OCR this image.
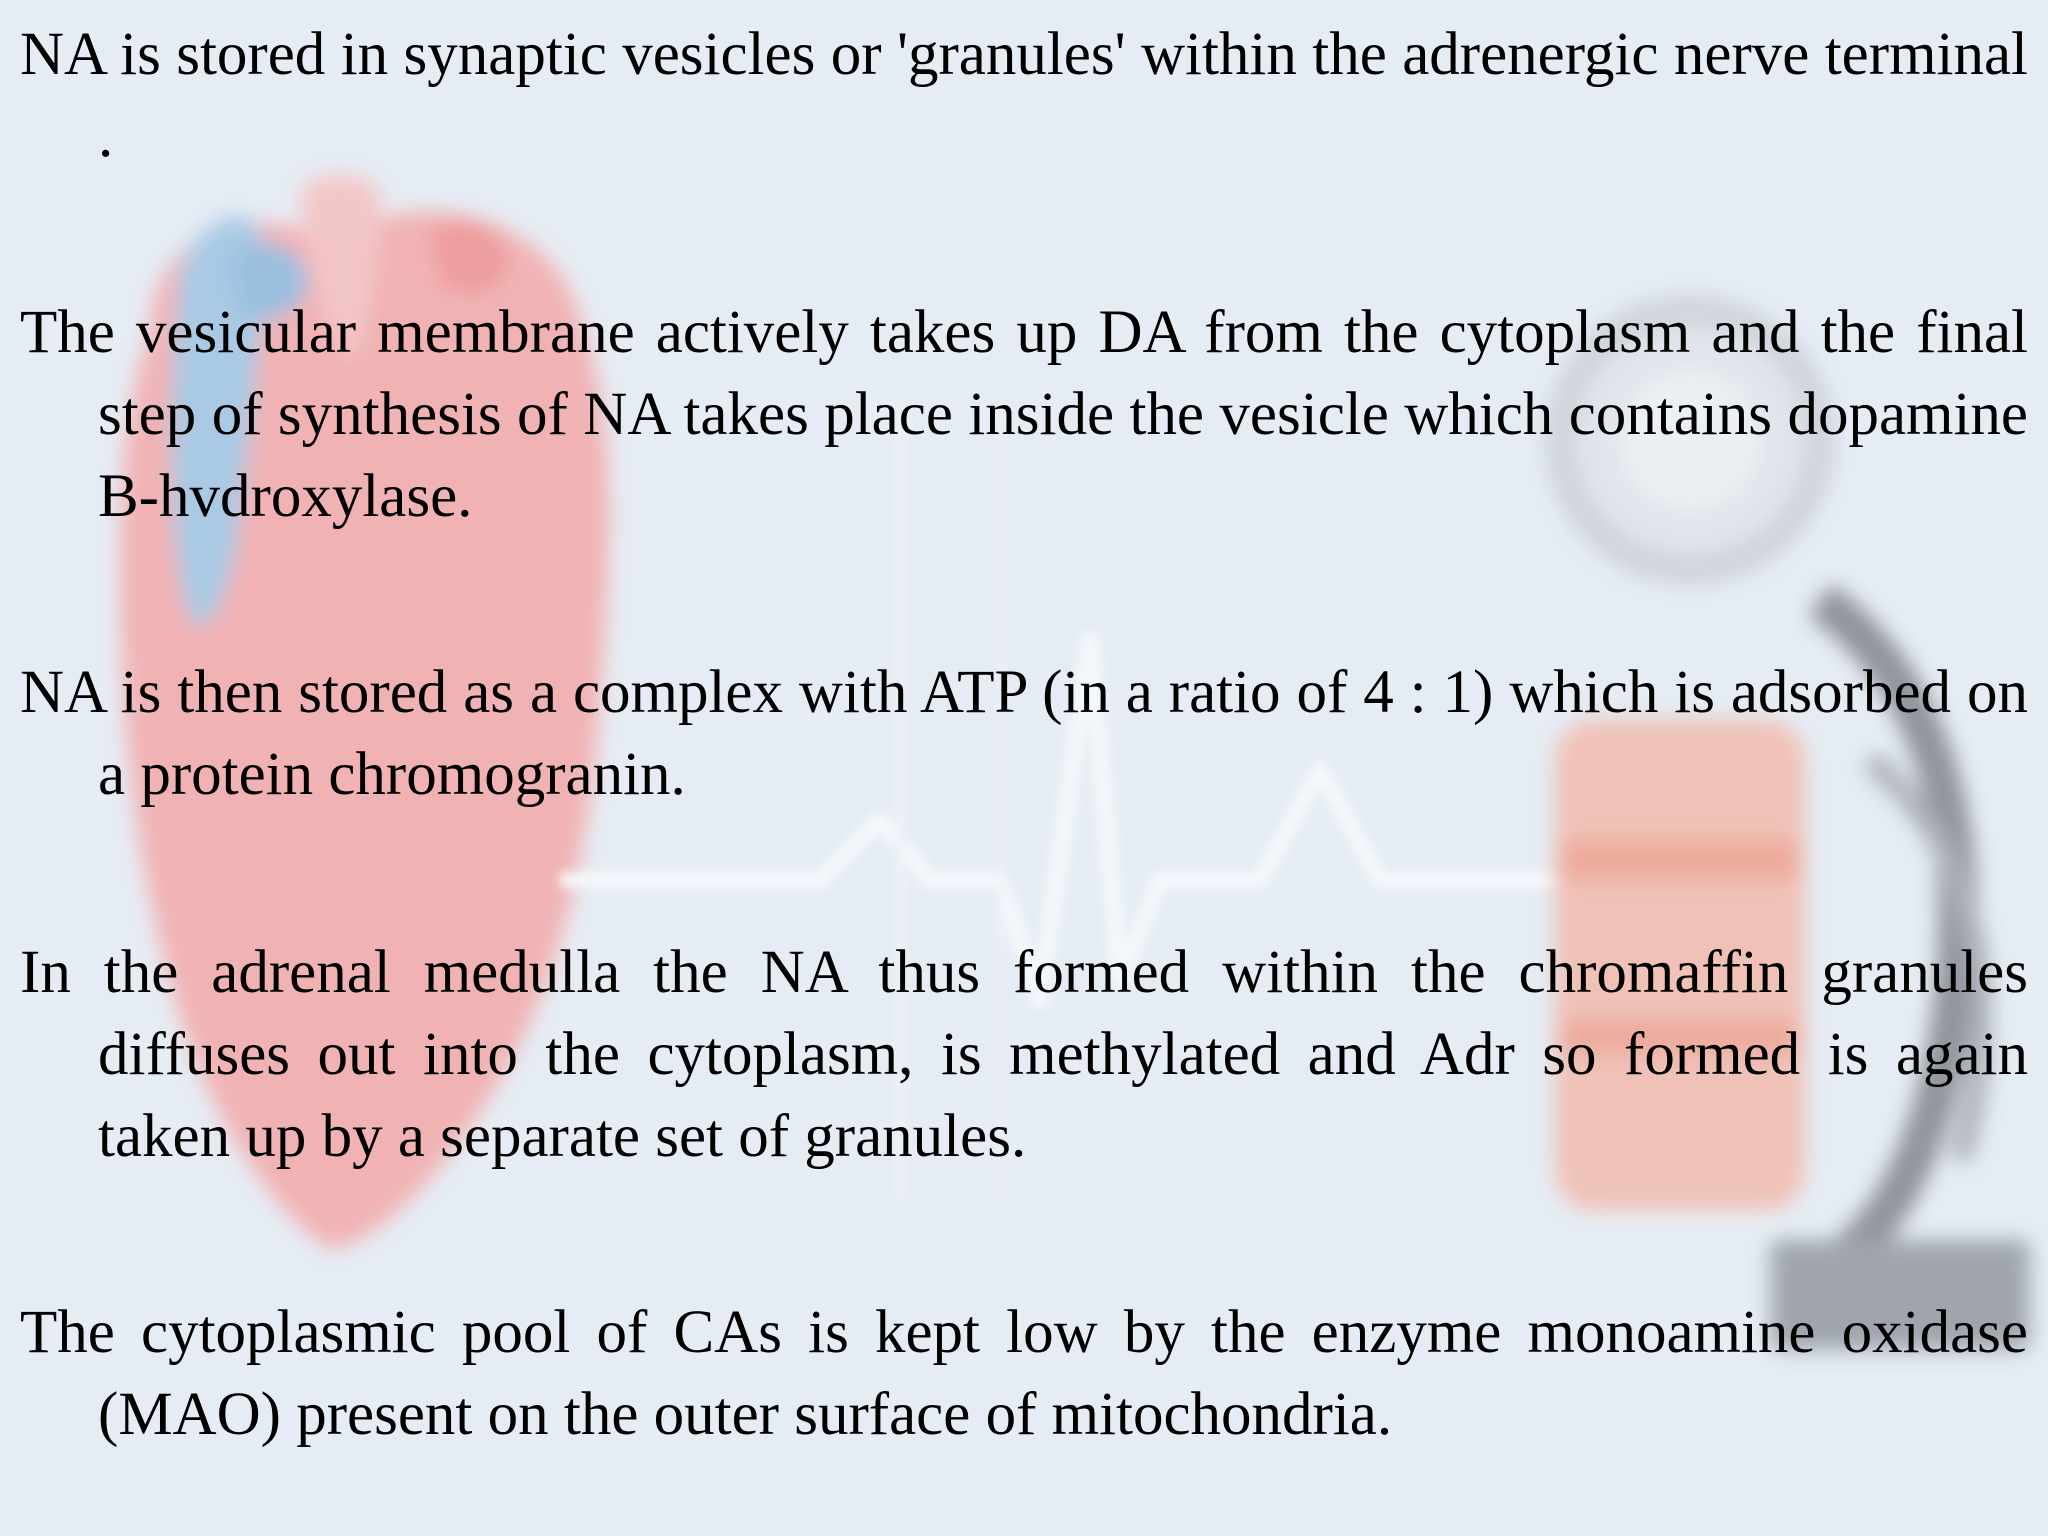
NA is stored in synaptic vesicles or 'granules' within the adrenergic nerve terminal .

The vesicular membrane actively takes up DA from the cytoplasm and the final step of synthesis of NA takes place inside the vesicle which contains dopamine B-hvdroxylase.

NA is then stored as a complex with ATP (in a ratio of 4 : 1) which is adsorbed on a protein chromogranin.

In the adrenal medulla the NA thus formed within the chromaffin granules diffuses out into the cytoplasm, is methylated and Adr so formed is again taken up by a separate set of granules.

The cytoplasmic pool of CAs is kept low by the enzyme monoamine oxidase (MAO) present on the outer surface of mitochondria.
